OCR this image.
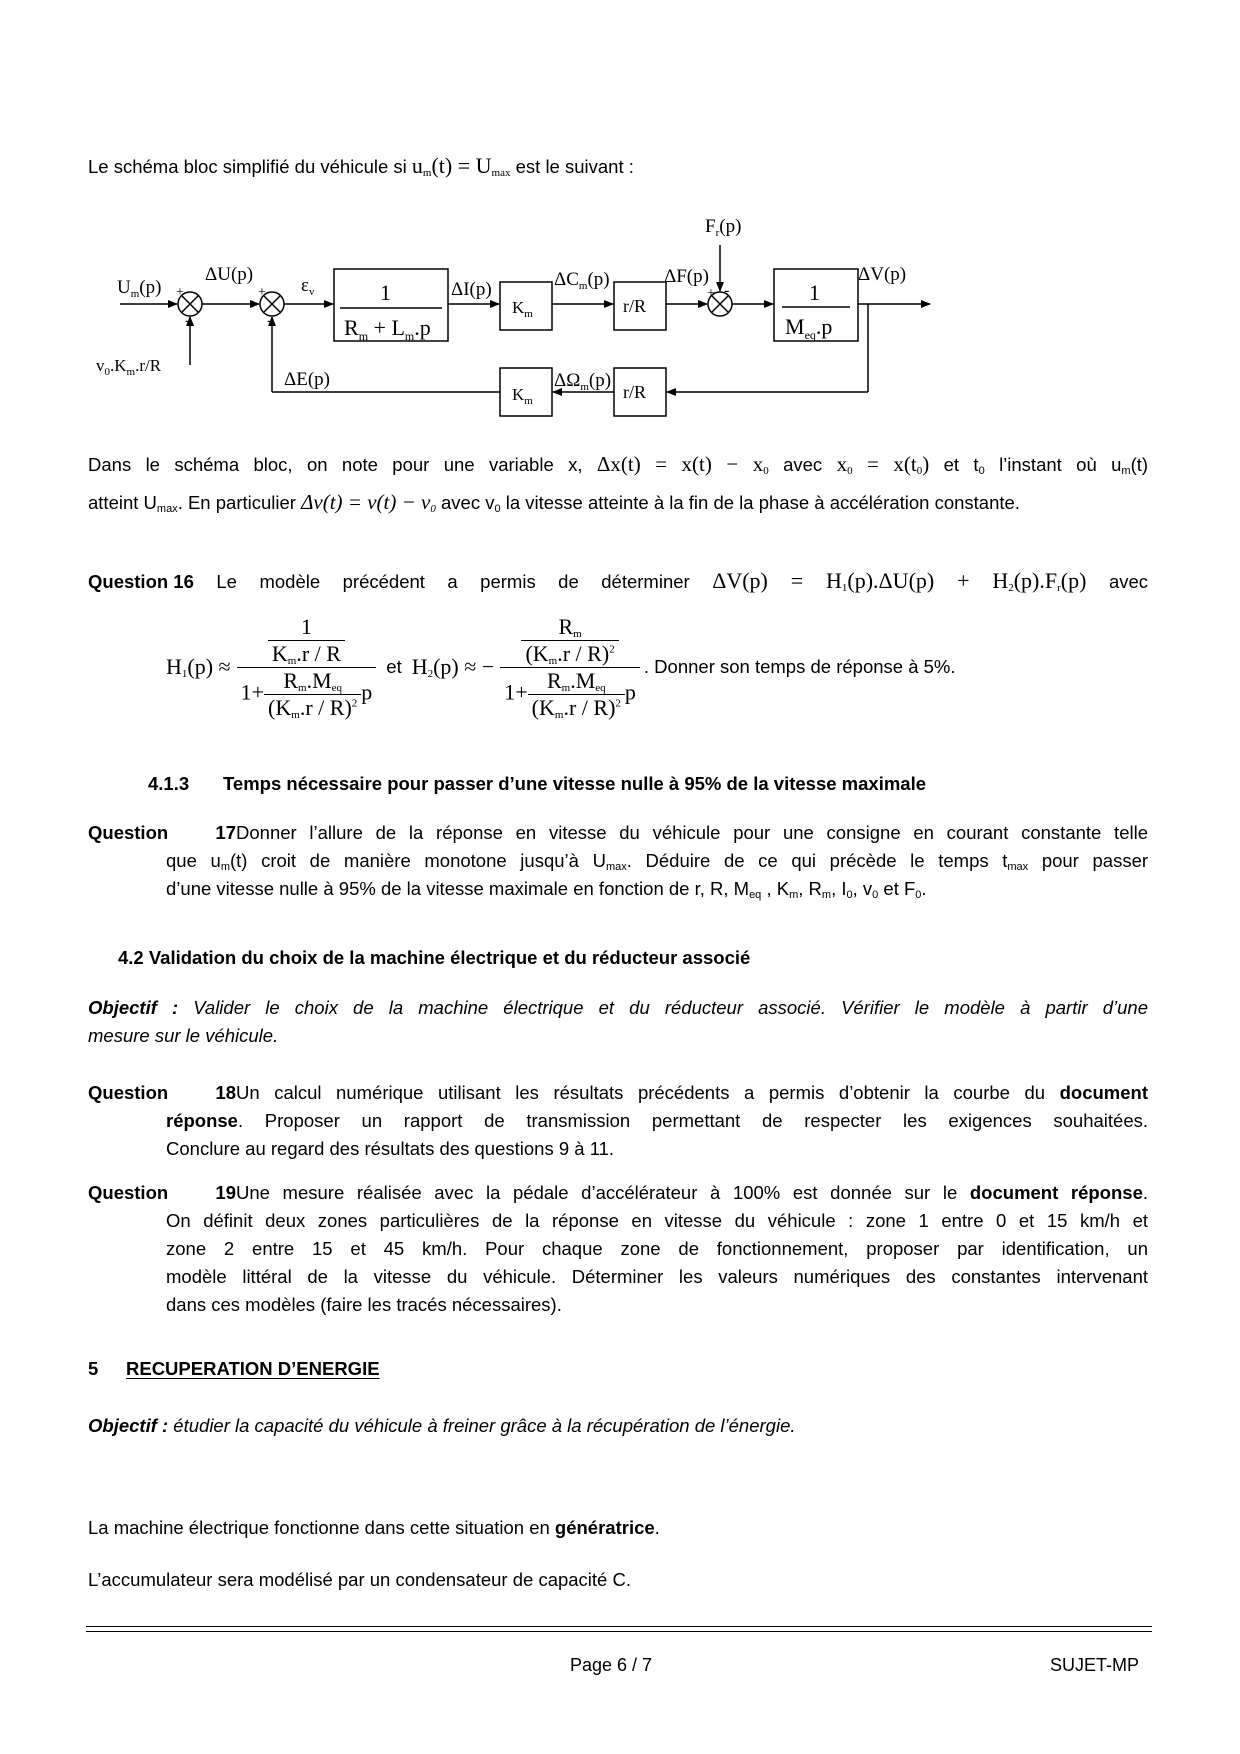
Le schéma bloc simplifié du véhicule si $u_m(t) = U_{max}$ est le suivant :
$F_r(p)$
$U_m(p)$
ΔU(p)
$\varepsilon_v$	1
$R_m + L_m.p$
ΔI(p)
$K_m$
$\Delta C_m(p)$
r/R
ΔF(p)
1
$M_{eq}.p$
ΔV(p)
$v_0.K_m.r/R$
ΔE(p)
$K_m$
$\Delta\Omega_m(p)$
r/R
+
-
+
-
+ -
Dans le schéma bloc, on note pour une variable x, $\Delta x(t) = x(t) - x_0$ avec $x_0 = x(t_0)$ et $t_0$ l’instant où $u_m(t)$
atteint $U_{max}$. En particulier $\Delta v(t) = v(t) - v_0$ avec $v_0$ la vitesse atteinte à la fin de la phase à accélération constante.
Question 16 Le modèle précédent a permis de déterminer $\Delta V(p) = H_1(p).\Delta U(p) + H_2(p).F_r(p)$ avec
$H_1(p) \approx \frac{\frac{1}{K_m.r / R}}{1+ \frac{R_m.M_{eq}}{(K_m.r / R)^2} p}$ et $H_2(p)$ ≈ − $\frac{\frac{R_m}{(K_m.r / R)^2}}{1+ \frac{R_m.M_{eq}}{(K_m.r / R)^2} p}$ . Donner son temps de réponse à 5%.
4.1.3 Temps nécessaire pour passer d’une vitesse nulle à 95% de la vitesse maximale
Question 17Donner l’allure de la réponse en vitesse du véhicule pour une consigne en courant constante telle
que $u_m(t)$ croit de manière monotone jusqu’à $U_{max}$. Déduire de ce qui précède le temps $t_{max}$ pour passer
d’une vitesse nulle à 95% de la vitesse maximale en fonction de r, R, $M_{eq}$ , $K_m$, $R_m$, $I_0$, $v_0$ et $F_0$.
4.2 Validation du choix de la machine électrique et du réducteur associé
Objectif : Valider le choix de la machine électrique et du réducteur associé. Vérifier le modèle à partir d’une
mesure sur le véhicule.
Question 18Un calcul numérique utilisant les résultats précédents a permis d’obtenir la courbe du document
réponse. Proposer un rapport de transmission permettant de respecter les exigences souhaitées.
Conclure au regard des résultats des questions 9 à 11.
Question 19Une mesure réalisée avec la pédale d’accélérateur à 100% est donnée sur le document réponse.
On définit deux zones particulières de la réponse en vitesse du véhicule : zone 1 entre 0 et 15 km/h et
zone 2 entre 15 et 45 km/h. Pour chaque zone de fonctionnement, proposer par identification, un
modèle littéral de la vitesse du véhicule. Déterminer les valeurs numériques des constantes intervenant
dans ces modèles (faire les tracés nécessaires).
5 RECUPERATION D’ENERGIE
Objectif : étudier la capacité du véhicule à freiner grâce à la récupération de l’énergie.
La machine électrique fonctionne dans cette situation en génératrice.
L’accumulateur sera modélisé par un condensateur de capacité C.
Page 6 / 7	SUJET-MP
